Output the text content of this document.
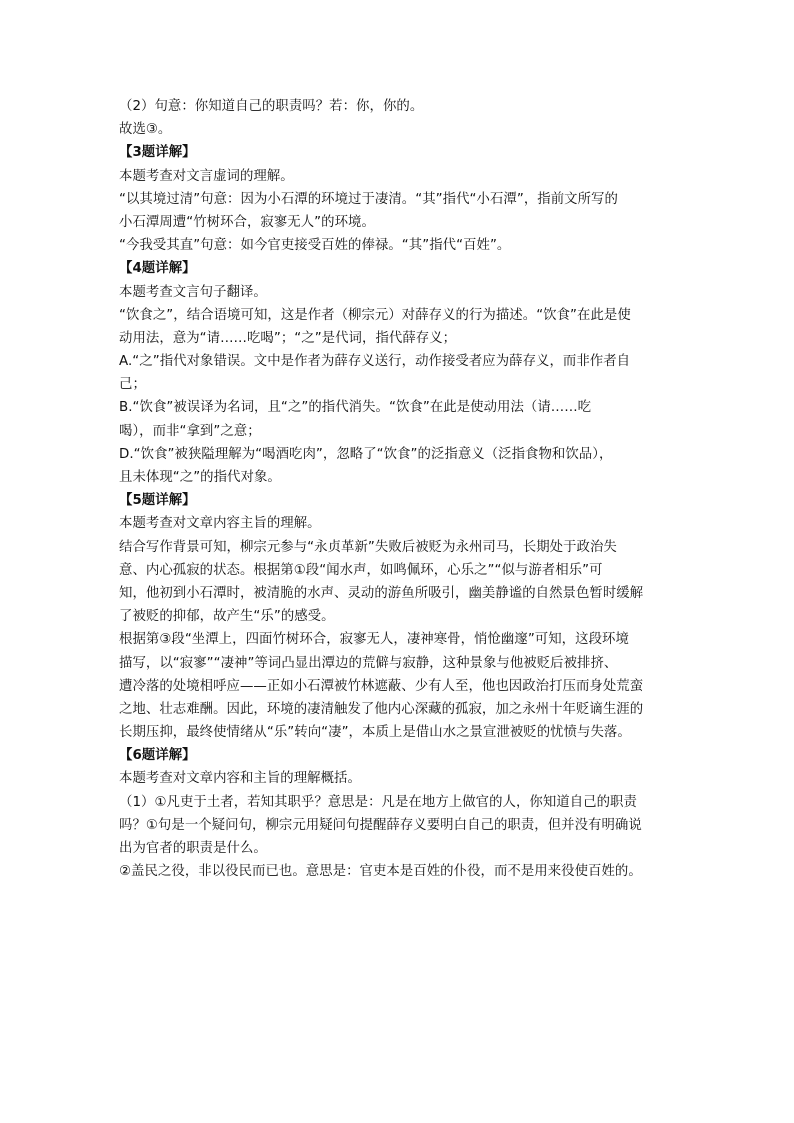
（2）句意：你知道自己的职责吗？若：你，你的。
故选③。
【3题详解】
本题考查对文言虚词的理解。
“以其境过清”句意：因为小石潭的环境过于凄清。“其”指代“小石潭”，指前文所写的
小石潭周遭“竹树环合，寂寥无人”的环境。
“今我受其直”句意：如今官吏接受百姓的俸禄。“其”指代“百姓”。
【4题详解】
本题考查文言句子翻译。
“饮食之”，结合语境可知，这是作者（柳宗元）对薛存义的行为描述。“饮食”在此是使
动用法，意为“请……吃喝”；“之”是代词，指代薛存义；
A.“之”指代对象错误。文中是作者为薛存义送行，动作接受者应为薛存义，而非作者自
己；
B.“饮食”被误译为名词，且“之”的指代消失。“饮食”在此是使动用法（请……吃
喝），而非“拿到”之意；
D.“饮食”被狭隘理解为“喝酒吃肉”，忽略了“饮食”的泛指意义（泛指食物和饮品），
且未体现“之”的指代对象。
【5题详解】
本题考查对文章内容主旨的理解。
结合写作背景可知，柳宗元参与“永贞革新”失败后被贬为永州司马，长期处于政治失
意、内心孤寂的状态。根据第①段“闻水声，如鸣佩环，心乐之”“似与游者相乐”可
知，他初到小石潭时，被清脆的水声、灵动的游鱼所吸引，幽美静谧的自然景色暂时缓解
了被贬的抑郁，故产生“乐”的感受。
根据第③段“坐潭上，四面竹树环合，寂寥无人，凄神寒骨，悄怆幽邃”可知，这段环境
描写，以“寂寥”“凄神”等词凸显出潭边的荒僻与寂静，这种景象与他被贬后被排挤、
遭冷落的处境相呼应——正如小石潭被竹林遮蔽、少有人至，他也因政治打压而身处荒蛮
之地、壮志难酬。因此，环境的凄清触发了他内心深藏的孤寂，加之永州十年贬谪生涯的
长期压抑，最终使情绪从“乐”转向“凄”，本质上是借山水之景宣泄被贬的忧愤与失落。
【6题详解】
本题考查对文章内容和主旨的理解概括。
（1）①凡吏于土者，若知其职乎？意思是：凡是在地方上做官的人，你知道自己的职责
吗？①句是一个疑问句，柳宗元用疑问句提醒薛存义要明白自己的职责，但并没有明确说
出为官者的职责是什么。
②盖民之役，非以役民而已也。意思是：官吏本是百姓的仆役，而不是用来役使百姓的。
